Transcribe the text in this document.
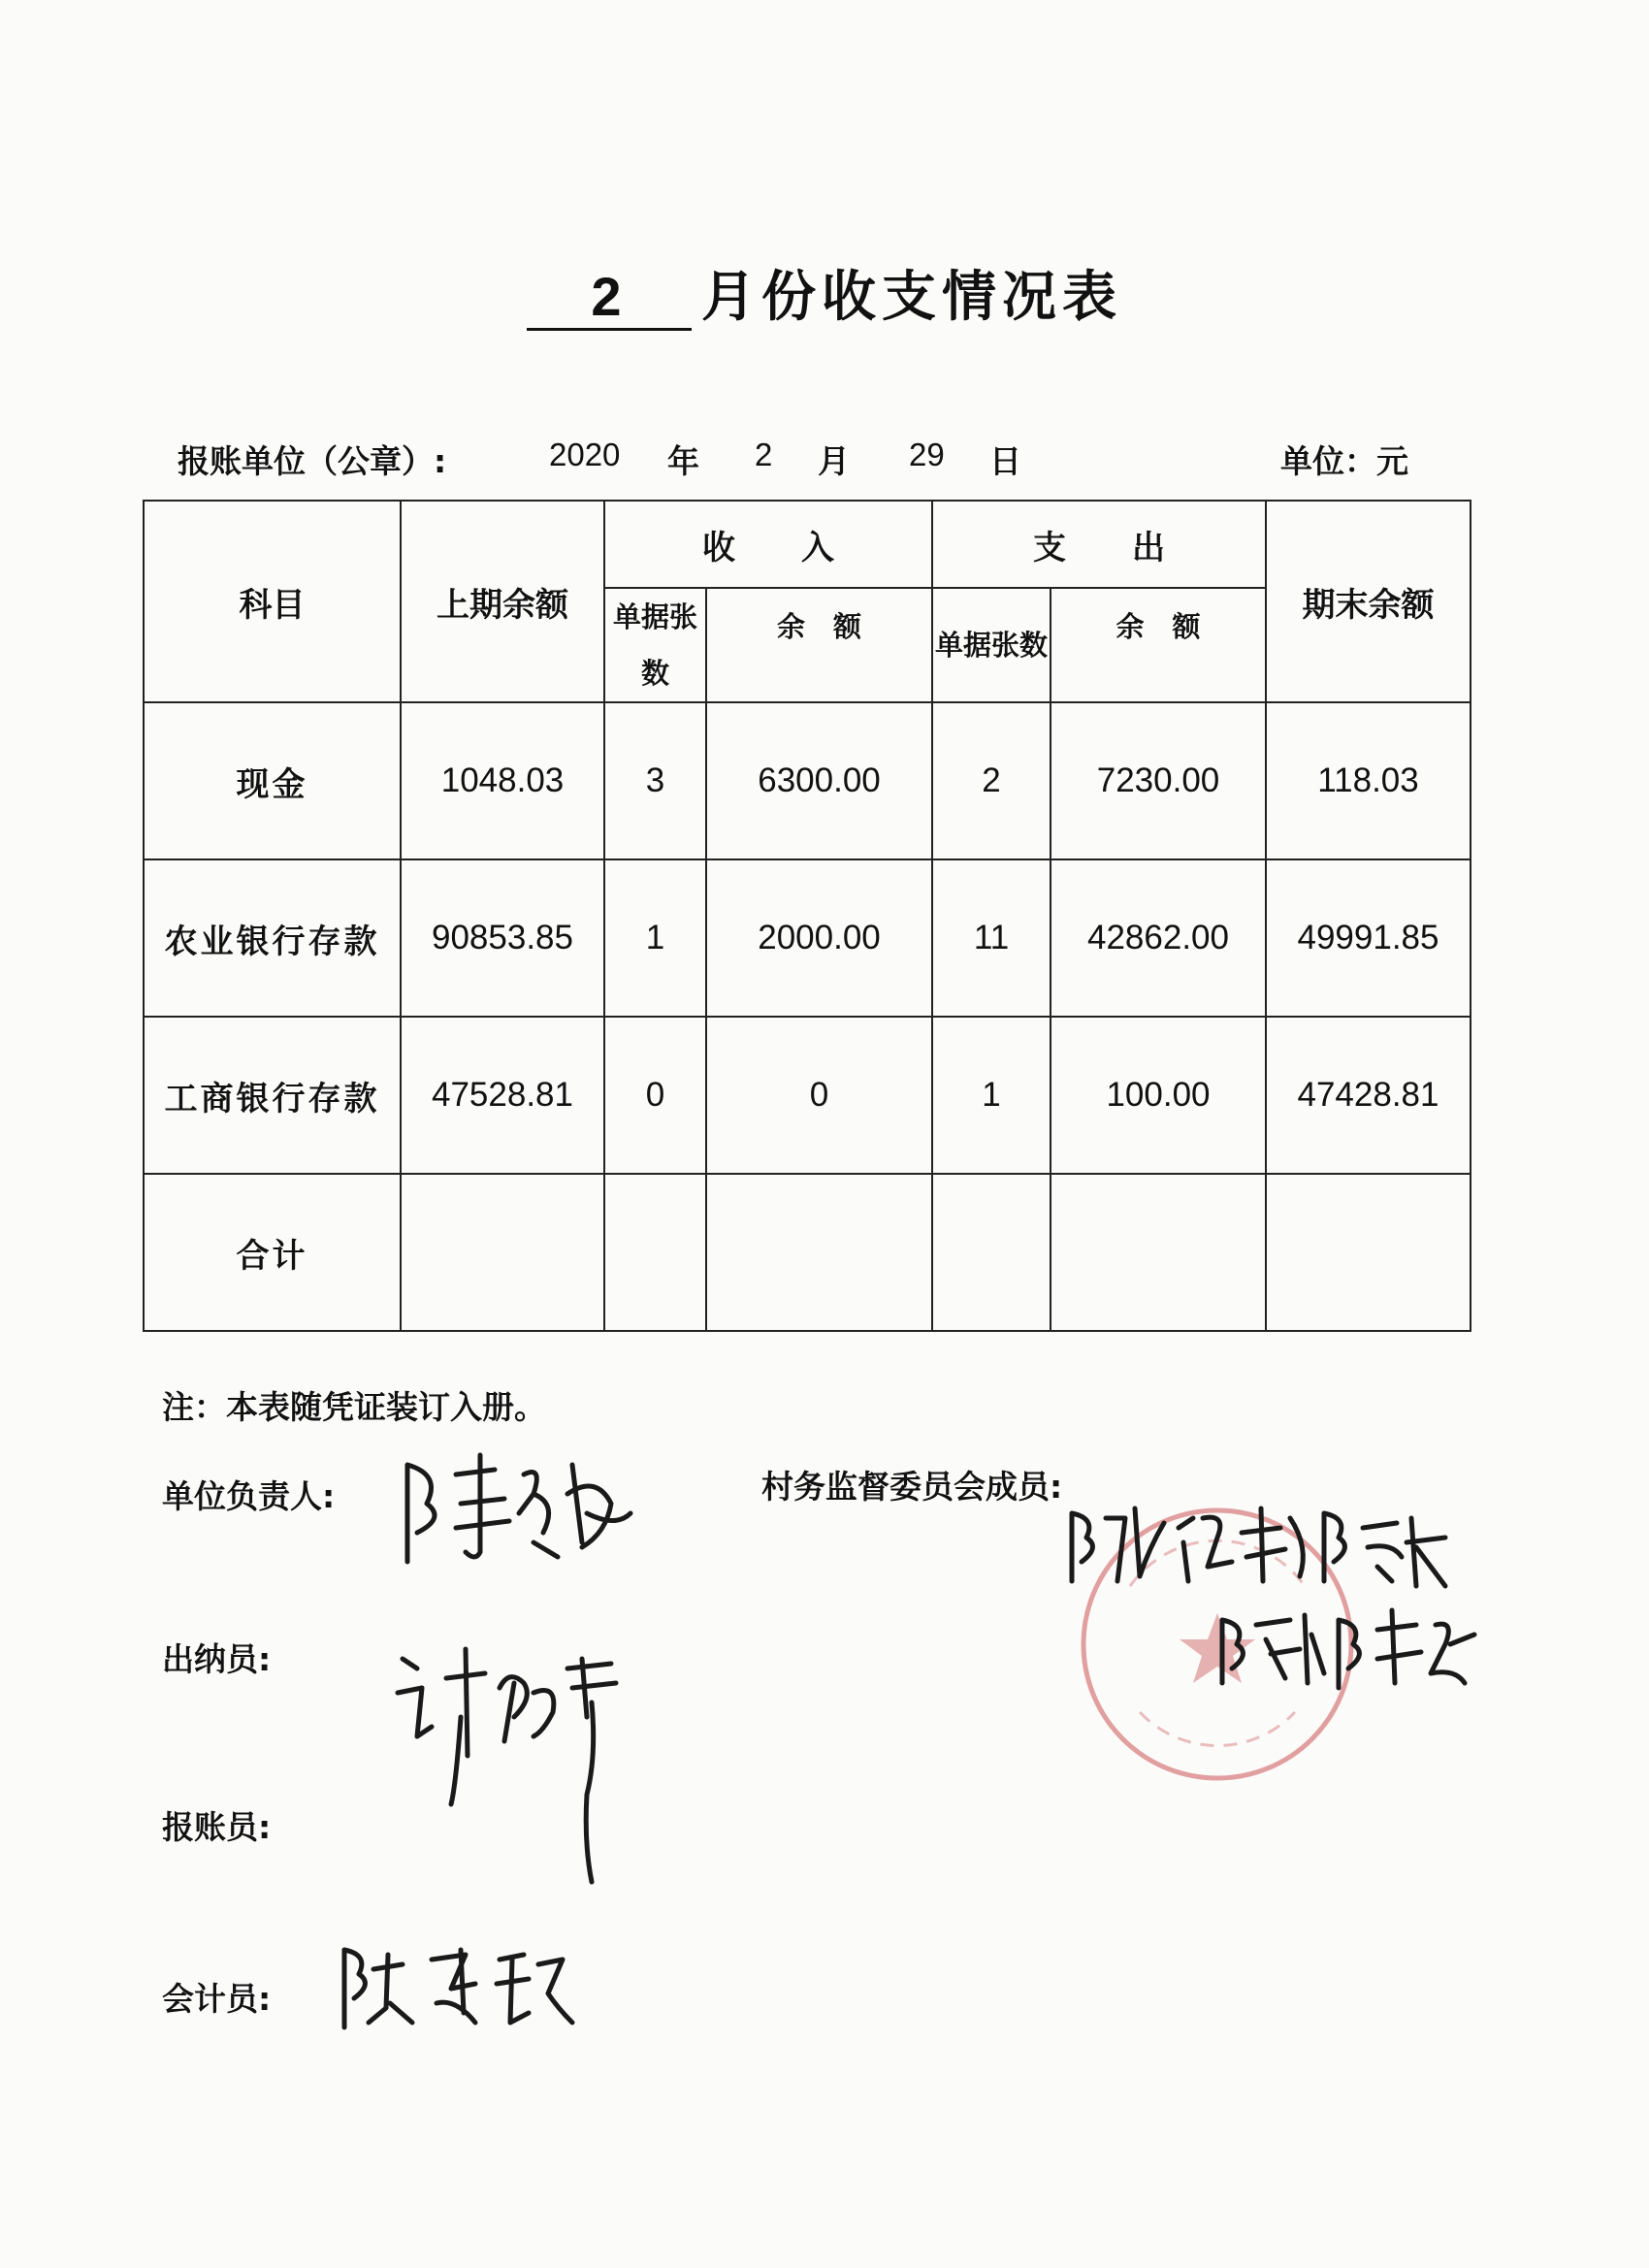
2 月份收支情况表
报账单位（公章）:	2020 年 2 月 29 日	单位：元
科目	上期余额	收　　入		支　　出		期末余额
		单据张数	余　额	单据张数	余　额	
现金	1048.03	3	6300.00	2	7230.00	118.03
农业银行存款	90853.85	1	2000.00	11	42862.00	49991.85
工商银行存款	47528.81	0	0	1	100.00	47428.81
合计						
注：本表随凭证装订入册。
单位负责人:	村务监督委员会成员:
出纳员:
报账员:
会计员:
